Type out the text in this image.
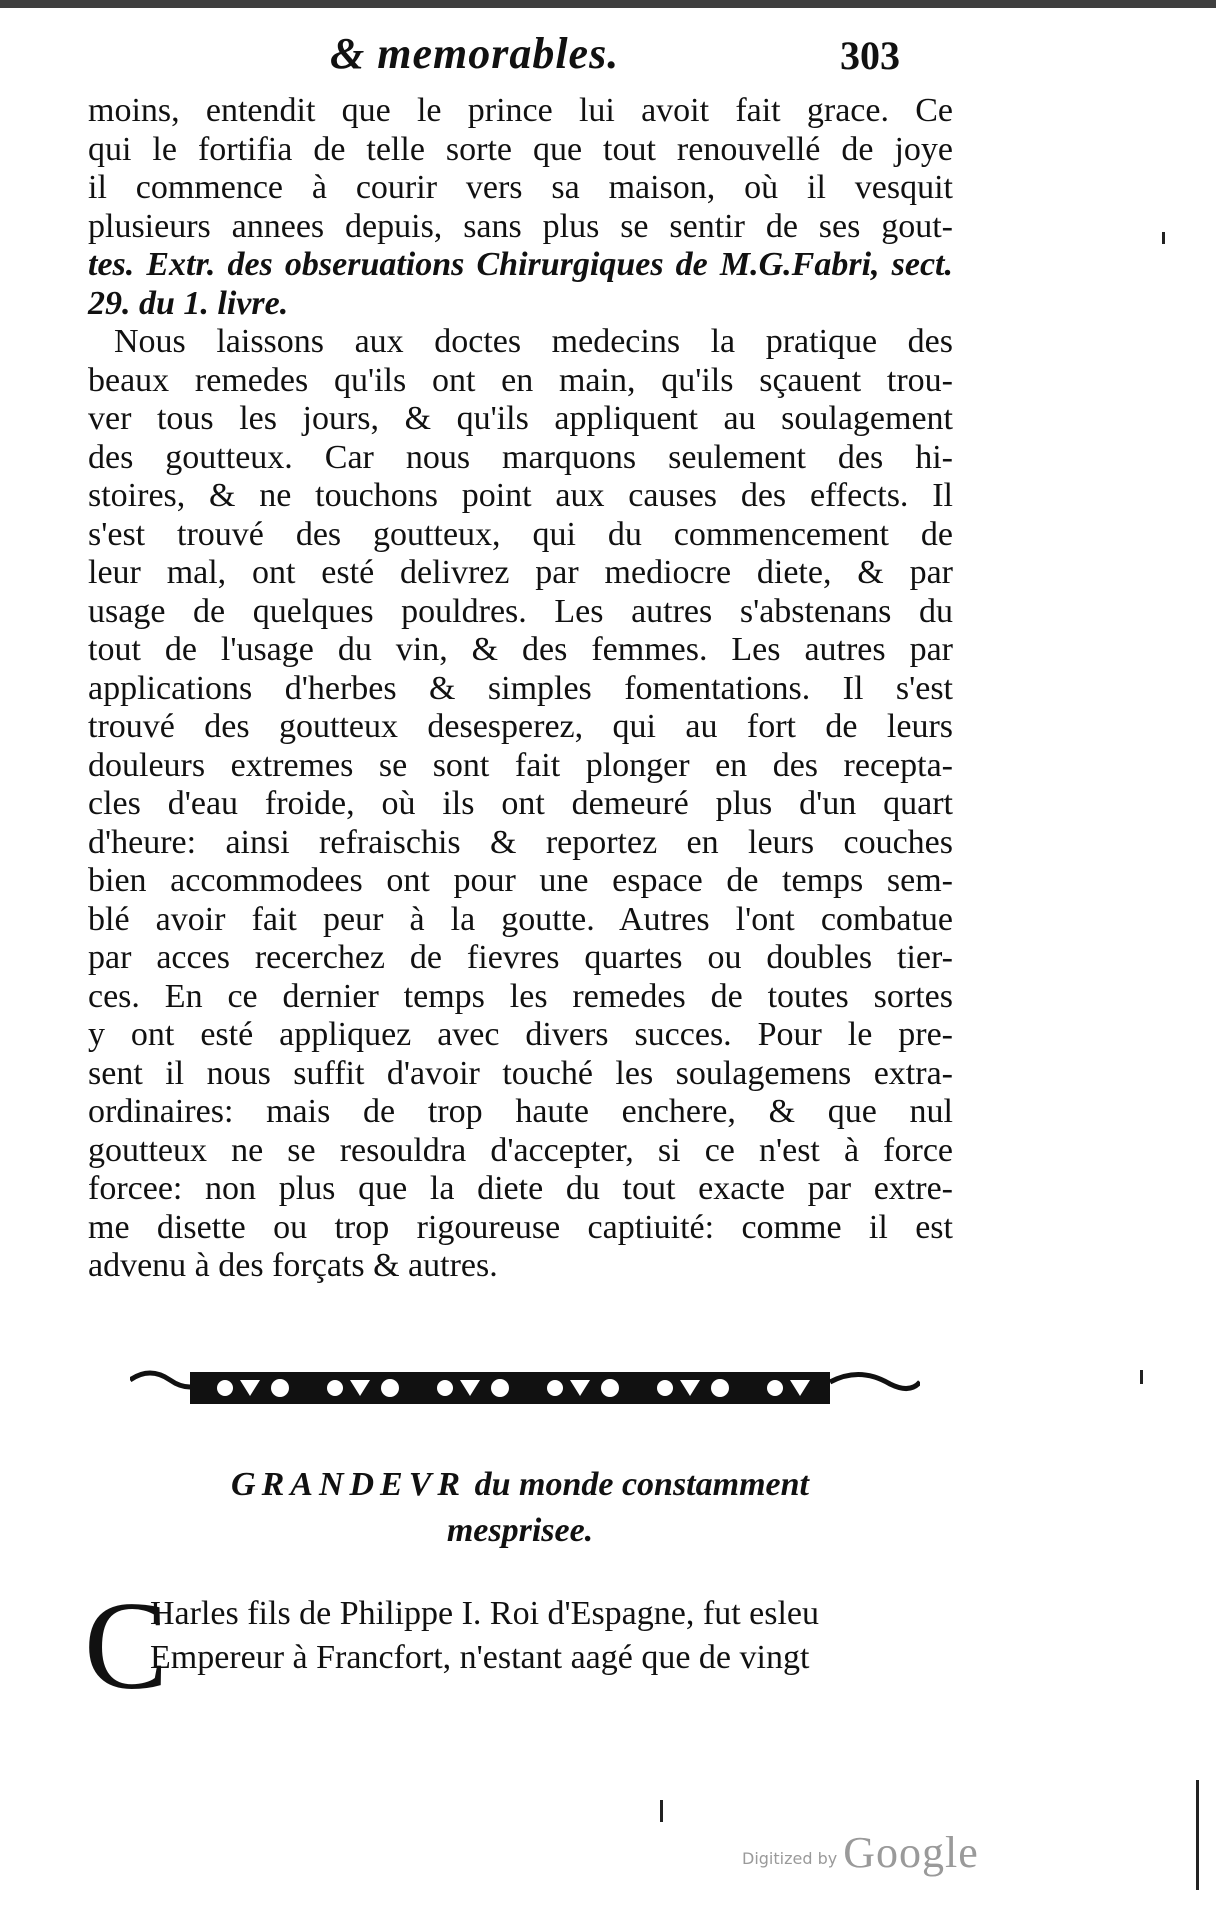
& memorables.	303
moins, entendit que le prince lui avoit fait grace. Ce
qui le fortifia de telle sorte que tout renouvellé de joye
il commence à courir vers sa maison, où il vesquit
plusieurs annees depuis, sans plus se sentir de ses gout-
tes. Extr. des obseruations Chirurgiques de M.G.Fabri, sect.
29. du 1. livre.
Nous laissons aux doctes medecins la pratique des
beaux remedes qu'ils ont en main, qu'ils sçauent trou-
ver tous les jours, & qu'ils appliquent au soulagement
des goutteux. Car nous marquons seulement des hi-
stoires, & ne touchons point aux causes des effects. Il
s'est trouvé des goutteux, qui du commencement de
leur mal, ont esté delivrez par mediocre diete, & par
usage de quelques pouldres. Les autres s'abstenans du
tout de l'usage du vin, & des femmes. Les autres par
applications d'herbes & simples fomentations. Il s'est
trouvé des goutteux desesperez, qui au fort de leurs
douleurs extremes se sont fait plonger en des recepta-
cles d'eau froide, où ils ont demeuré plus d'un quart
d'heure: ainsi refraischis & reportez en leurs couches
bien accommodees ont pour une espace de temps sem-
blé avoir fait peur à la goutte. Autres l'ont combatue
par acces recerchez de fievres quartes ou doubles tier-
ces. En ce dernier temps les remedes de toutes sortes
y ont esté appliquez avec divers succes. Pour le pre-
sent il nous suffit d'avoir touché les soulagemens extra-
ordinaires: mais de trop haute enchere, & que nul
goutteux ne se resouldra d'accepter, si ce n'est à force
forcee: non plus que la diete du tout exacte par extre-
me disette ou trop rigoureuse captiuité: comme il est
advenu à des forçats & autres.
GRANDEVR du monde constamment
mesprisee.
C
Harles fils de Philippe I. Roi d'Espagne, fut esleu
Empereur à Francfort, n'estant aagé que de vingt
Digitized by Google
